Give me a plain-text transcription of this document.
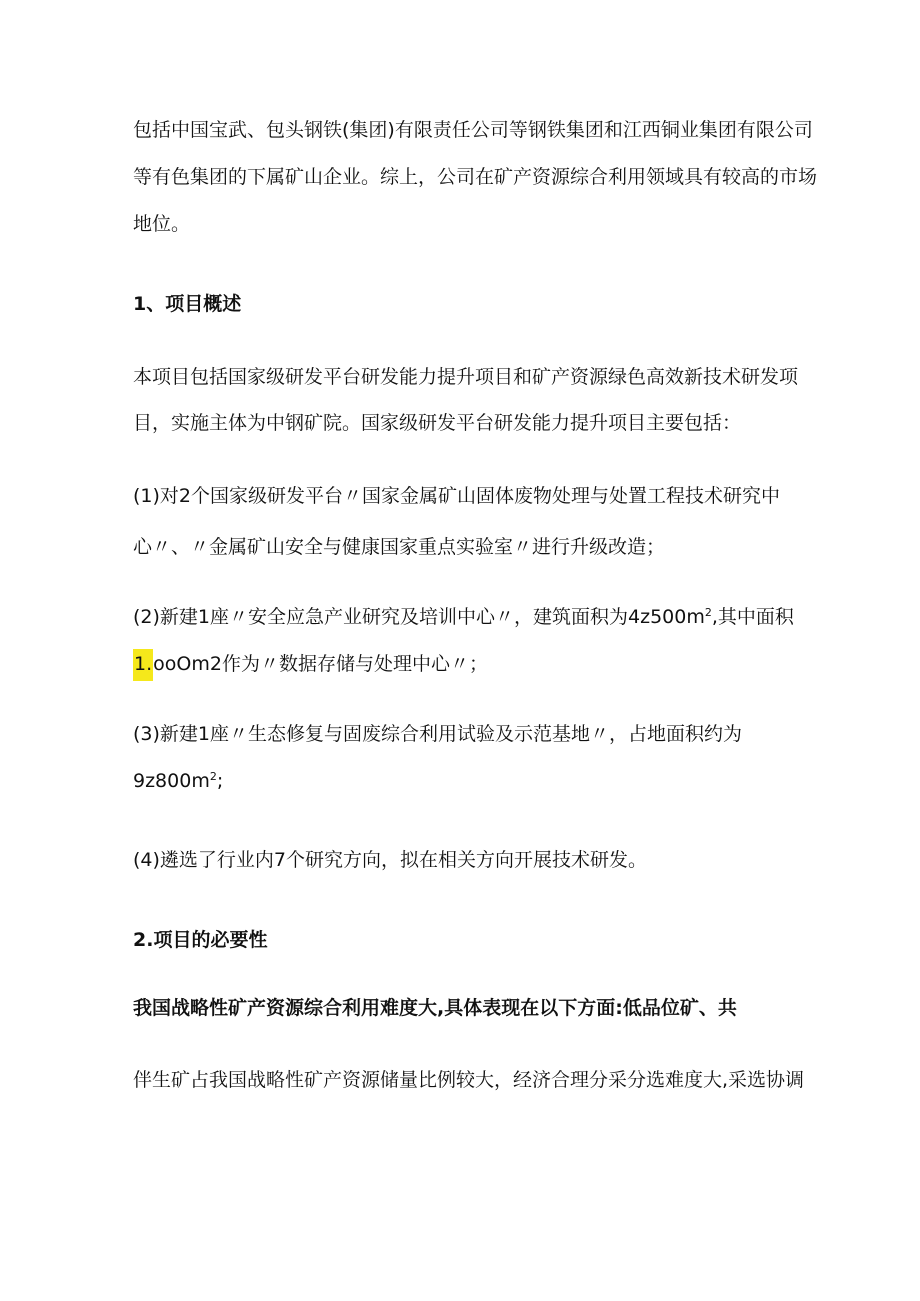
包括中国宝武、包头钢铁(集团)有限责任公司等钢铁集团和江西铜业集团有限公司
等有色集团的下属矿山企业。综上，公司在矿产资源综合利用领域具有较高的市场
地位。
1、项目概述
本项目包括国家级研发平台研发能力提升项目和矿产资源绿色高效新技术研发项
目，实施主体为中钢矿院。国家级研发平台研发能力提升项目主要包括：
(1)对2个国家级研发平台〃国家金属矿山固体废物处理与处置工程技术研究中
心〃、〃金属矿山安全与健康国家重点实验室〃进行升级改造；
(2)新建1座〃安全应急产业研究及培训中心〃，建筑面积为$4z500m^2$,其中面积
1.ooOm2作为〃数据存储与处理中心〃；
(3)新建1座〃生态修复与固废综合利用试验及示范基地〃，占地面积约为
$9z800m^2$;
(4)遴选了行业内7个研究方向，拟在相关方向开展技术研发。
2.项目的必要性
我国战略性矿产资源综合利用难度大,具体表现在以下方面:低品位矿、共
伴生矿占我国战略性矿产资源储量比例较大，经济合理分采分选难度大,采选协调
